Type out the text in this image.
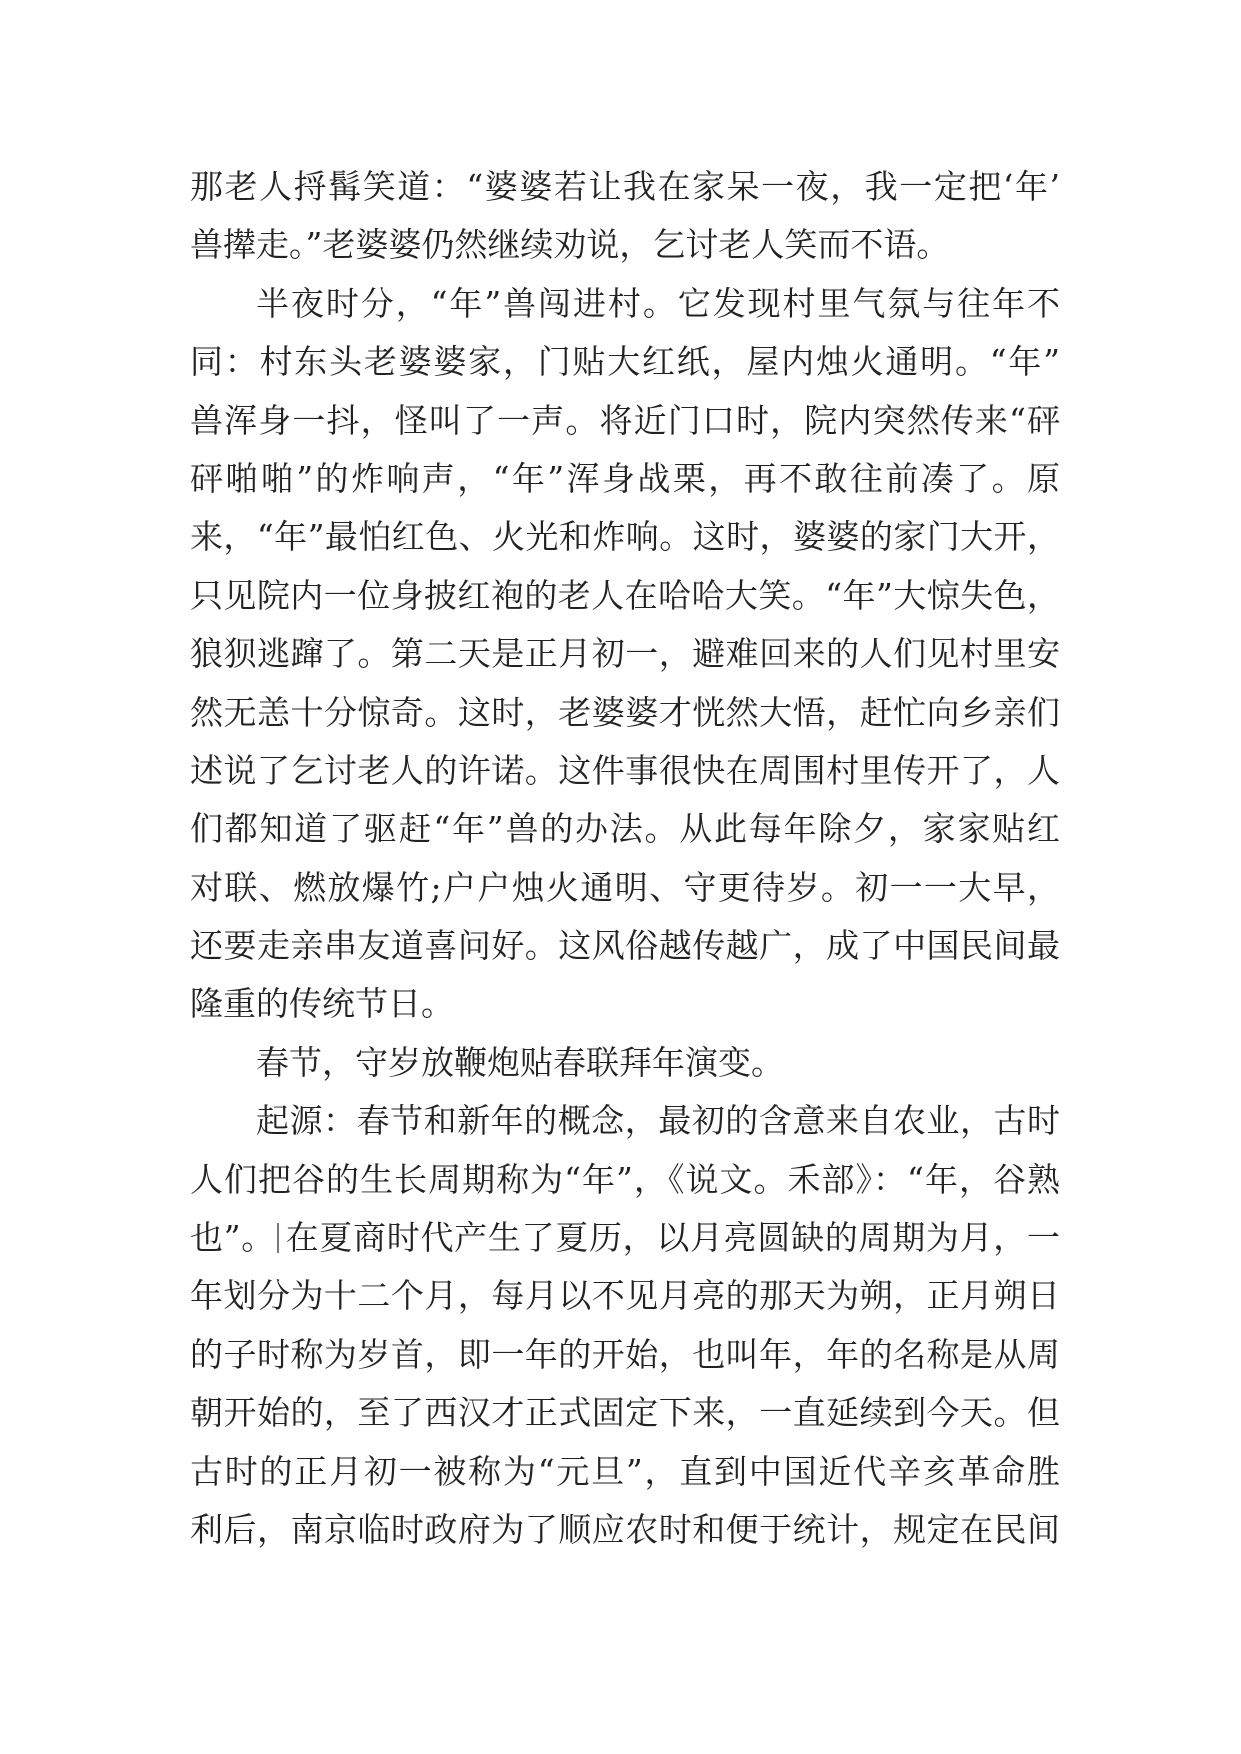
那老人捋髯笑道：“婆婆若让我在家呆一夜，我一定把‘年’
兽撵走。”老婆婆仍然继续劝说，乞讨老人笑而不语。
半夜时分，“年”兽闯进村。它发现村里气氛与往年不
同：村东头老婆婆家，门贴大红纸，屋内烛火通明。“年”
兽浑身一抖，怪叫了一声。将近门口时，院内突然传来“砰
砰啪啪”的炸响声，“年”浑身战栗，再不敢往前凑了。原
来，“年”最怕红色、火光和炸响。这时，婆婆的家门大开，
只见院内一位身披红袍的老人在哈哈大笑。“年”大惊失色，
狼狈逃蹿了。第二天是正月初一，避难回来的人们见村里安
然无恙十分惊奇。这时，老婆婆才恍然大悟，赶忙向乡亲们
述说了乞讨老人的许诺。这件事很快在周围村里传开了，人
们都知道了驱赶“年”兽的办法。从此每年除夕，家家贴红
对联、燃放爆竹;户户烛火通明、守更待岁。初一一大早，
还要走亲串友道喜问好。这风俗越传越广，成了中国民间最
隆重的传统节日。
春节，守岁放鞭炮贴春联拜年演变。
起源：春节和新年的概念，最初的含意来自农业，古时
人们把谷的生长周期称为“年”，《说文。禾部》：“年，谷熟
也”。 在夏商时代产生了夏历，以月亮圆缺的周期为月，一
年划分为十二个月，每月以不见月亮的那天为朔，正月朔日
的子时称为岁首，即一年的开始，也叫年，年的名称是从周
朝开始的，至了西汉才正式固定下来，一直延续到今天。但
古时的正月初一被称为“元旦”，直到中国近代辛亥革命胜
利后，南京临时政府为了顺应农时和便于统计，规定在民间
